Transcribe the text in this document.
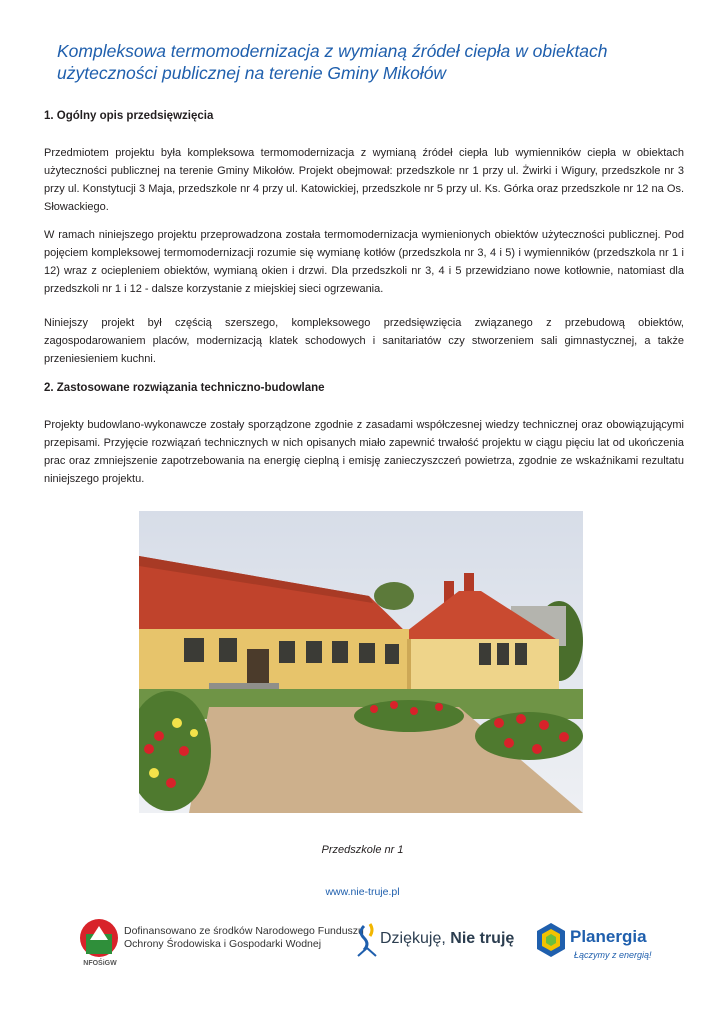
Kompleksowa termomodernizacja z wymianą źródeł ciepła w obiektach użyteczności publicznej na terenie Gminy Mikołów
1. Ogólny opis przedsięwzięcia
Przedmiotem projektu była kompleksowa termomodernizacja z wymianą źródeł ciepła lub wymienników ciepła w obiektach użyteczności publicznej na terenie Gminy Mikołów. Projekt obejmował: przedszkole nr 1 przy ul. Żwirki i Wigury, przedszkole nr 3 przy ul. Konstytucji 3 Maja, przedszkole nr 4 przy ul. Katowickiej, przedszkole nr 5 przy ul. Ks. Górka oraz przedszkole nr 12 na Os. Słowackiego.
W ramach niniejszego projektu przeprowadzona została termomodernizacja wymienionych obiektów użyteczności publicznej. Pod pojęciem kompleksowej termomodernizacji rozumie się wymianę kotłów (przedszkola nr 3, 4 i 5) i wymienników (przedszkola nr 1 i 12) wraz z ociepleniem obiektów, wymianą okien i drzwi. Dla przedszkoli nr 3, 4 i 5 przewidziano nowe kotłownie, natomiast dla przedszkoli nr 1 i 12 - dalsze korzystanie z miejskiej sieci ogrzewania.
Niniejszy projekt był częścią szerszego, kompleksowego przedsięwzięcia związanego z przebudową obiektów, zagospodarowaniem placów, modernizacją klatek schodowych i sanitariatów czy stworzeniem sali gimnastycznej, a także przeniesieniem kuchni.
2. Zastosowane rozwiązania techniczno-budowlane
Projekty budowlano-wykonawcze zostały sporządzone zgodnie z zasadami współczesnej wiedzy technicznej oraz obowiązującymi przepisami. Przyjęcie rozwiązań technicznych w nich opisanych miało zapewnić trwałość projektu w ciągu pięciu lat od ukończenia prac oraz zmniejszenie zapotrzebowania na energię cieplną i emisję zanieczyszczeń powietrza, zgodnie ze wskaźnikami rezultatu niniejszego projektu.
Przedszkole nr 1
www.nie-truje.pl
NFOŚiGW
Dofinansowano ze środków Narodowego Funduszu
Ochrony Środowiska i Gospodarki Wodnej	Dziękuję, Nie truję	Planergia
Łączymy z energią!
